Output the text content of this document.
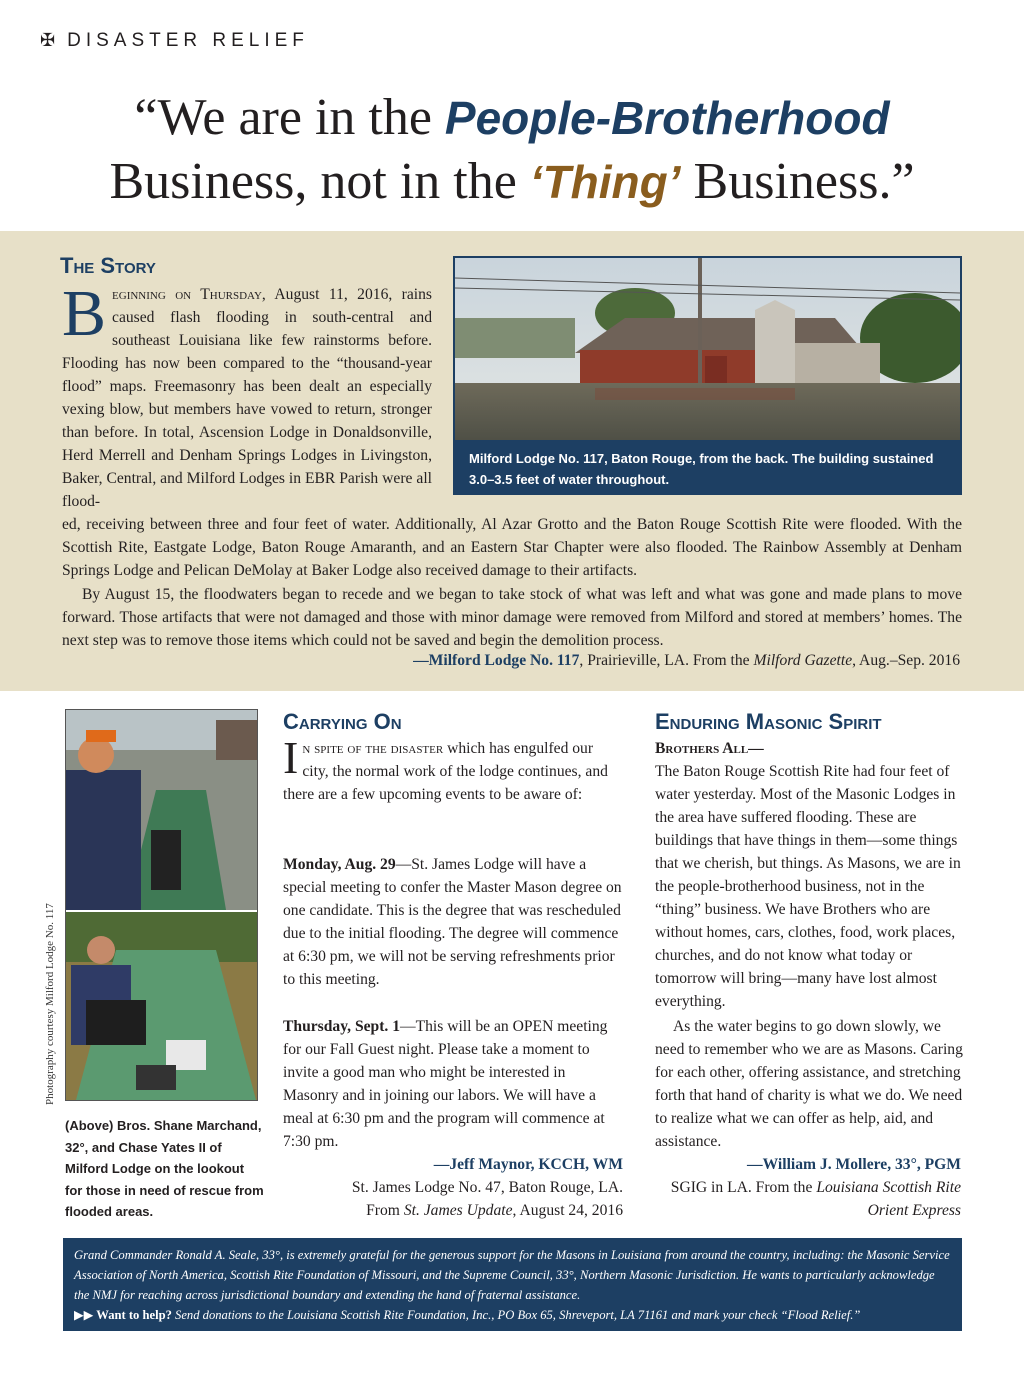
✠ DISASTER RELIEF
“We are in the People-Brotherhood
Business, not in the ‘Thing’ Business.”
The Story
Beginning on Thursday, August 11, 2016, rains caused flash flooding in south-central and southeast Louisiana like few rainstorms before. Flooding has now been compared to the “thousand-year flood” maps. Freemasonry has been dealt an especially vexing blow, but members have vowed to return, stronger than before. In total, Ascension Lodge in Donaldsonville, Herd Merrell and Denham Springs Lodges in Livingston, Baker, Central, and Milford Lodges in EBR Parish were all flood-
Milford Lodge No. 117, Baton Rouge, from the back. The building sustained 3.0–3.5 feet of water throughout.
ed, receiving between three and four feet of water. Additionally, Al Azar Grotto and the Baton Rouge Scottish Rite were flooded. With the Scottish Rite, Eastgate Lodge, Baton Rouge Amaranth, and an Eastern Star Chapter were also flooded. The Rainbow Assembly at Denham Springs Lodge and Pelican DeMolay at Baker Lodge also received damage to their artifacts.
By August 15, the floodwaters began to recede and we began to take stock of what was left and what was gone and made plans to move forward. Those artifacts that were not damaged and those with minor damage were removed from Milford and stored at members’ homes. The next step was to remove those items which could not be saved and begin the demolition process.
—Milford Lodge No. 117, Prairieville, LA. From the Milford Gazette, Aug.–Sep. 2016
Photography courtesy Milford Lodge No. 117
(Above) Bros. Shane Marchand, 32°, and Chase Yates II of Milford Lodge on the lookout for those in need of rescue from flooded areas.
Carrying On
In spite of the disaster which has engulfed our city, the normal work of the lodge continues, and there are a few upcoming events to be aware of:
Monday, Aug. 29—St. James Lodge will have a special meeting to confer the Master Mason degree on one candidate. This is the degree that was rescheduled due to the initial flooding. The degree will commence at 6:30 pm, we will not be serving refreshments prior to this meeting.
Thursday, Sept. 1—This will be an OPEN meeting for our Fall Guest night. Please take a moment to invite a good man who might be interested in Masonry and in joining our labors. We will have a meal at 6:30 pm and the program will commence at 7:30 pm.
—Jeff Maynor, KCCH, WM
St. James Lodge No. 47, Baton Rouge, LA.
From St. James Update, August 24, 2016
Enduring Masonic Spirit
Brothers All—
The Baton Rouge Scottish Rite had four feet of water yesterday. Most of the Masonic Lodges in the area have suffered flooding. These are buildings that have things in them—some things that we cherish, but things. As Masons, we are in the people-brotherhood business, not in the “thing” business. We have Brothers who are without homes, cars, clothes, food, work places, churches, and do not know what today or tomorrow will bring—many have lost almost everything.
As the water begins to go down slowly, we need to remember who we are as Masons. Caring for each other, offering assistance, and stretching forth that hand of charity is what we do. We need to realize what we can offer as help, aid, and assistance.
—William J. Mollere, 33°, PGM
SGIG in LA. From the Louisiana Scottish Rite Orient Express
Grand Commander Ronald A. Seale, 33°, is extremely grateful for the generous support for the Masons in Louisiana from around the country, including: the Masonic Service Association of North America, Scottish Rite Foundation of Missouri, and the Supreme Council, 33°, Northern Masonic Jurisdiction. He wants to particularly acknowledge the NMJ for reaching across jurisdictional boundary and extending the hand of fraternal assistance.
▶▶ Want to help? Send donations to the Louisiana Scottish Rite Foundation, Inc., PO Box 65, Shreveport, LA 71161 and mark your check “Flood Relief.”
